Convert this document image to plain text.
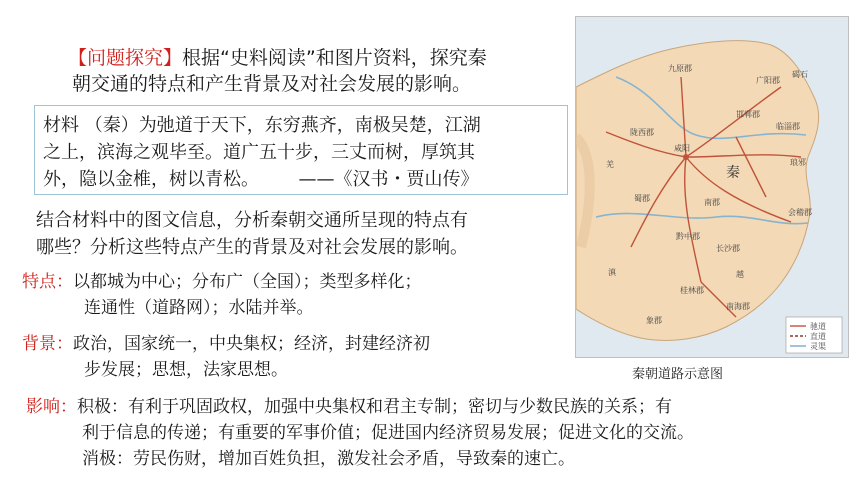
【问题探究】根据“史料阅读”和图片资料，探究秦
朝交通的特点和产生背景及对社会发展的影响。
材料 （秦）为弛道于天下，东穷燕齐，南极吴楚，江湖
之上，滨海之观毕至。道广五十步，三丈而树，厚筑其
外，隐以金椎，树以青松。 ——《汉书・贾山传》
结合材料中的图文信息，分析秦朝交通所呈现的特点有
哪些？分析这些特点产生的背景及对社会发展的影响。
特点：以都城为中心；分布广（全国）；类型多样化；
连通性（道路网）；水陆并举。
背景：政治，国家统一，中央集权；经济，封建经济初
步发展；思想，法家思想。
影响：积极：有利于巩固政权，加强中央集权和君主专制；密切与少数民族的关系；有
利于信息的传递；有重要的军事价值；促进国内经济贸易发展；促进文化的交流。
消极：劳民伤财，增加百姓负担，激发社会矛盾，导致秦的速亡。
秦
九原郡
广阳郡
碣石
邯郸郡
临淄郡
咸阳
琅邪
会稽郡
南郡
黔中郡
长沙郡
桂林郡
南海郡
象郡
陇西郡
蜀郡
羌
滇	越
驰道
直道
灵渠
秦朝道路示意图
